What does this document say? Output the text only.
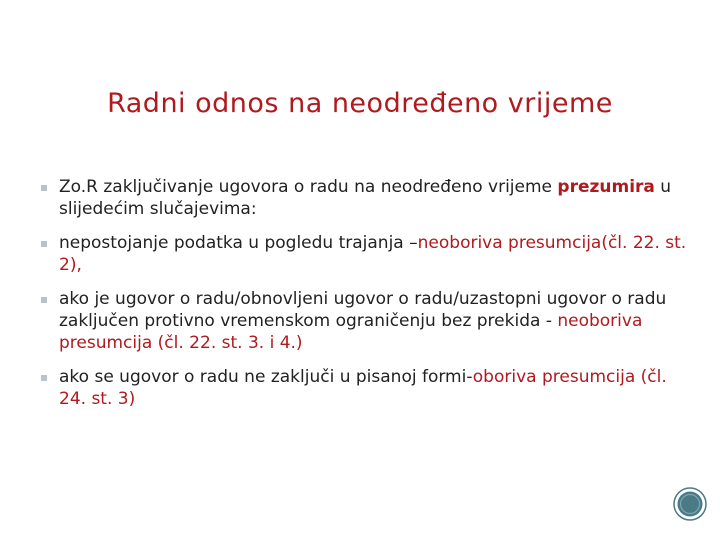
Radni odnos na neodređeno vrijeme
Zo.R zaključivanje ugovora o radu na neodređeno vrijeme prezumira u slijedećim slučajevima:
nepostojanje podatka u pogledu trajanja –neoboriva presumcija(čl. 22. st. 2),
ako je ugovor o radu/obnovljeni ugovor o radu/uzastopni ugovor o radu zaključen protivno vremenskom ograničenju bez prekida - neoboriva presumcija (čl. 22. st. 3. i 4.)
ako se ugovor o radu ne zaključi u pisanoj formi-oboriva presumcija (čl. 24. st. 3)
